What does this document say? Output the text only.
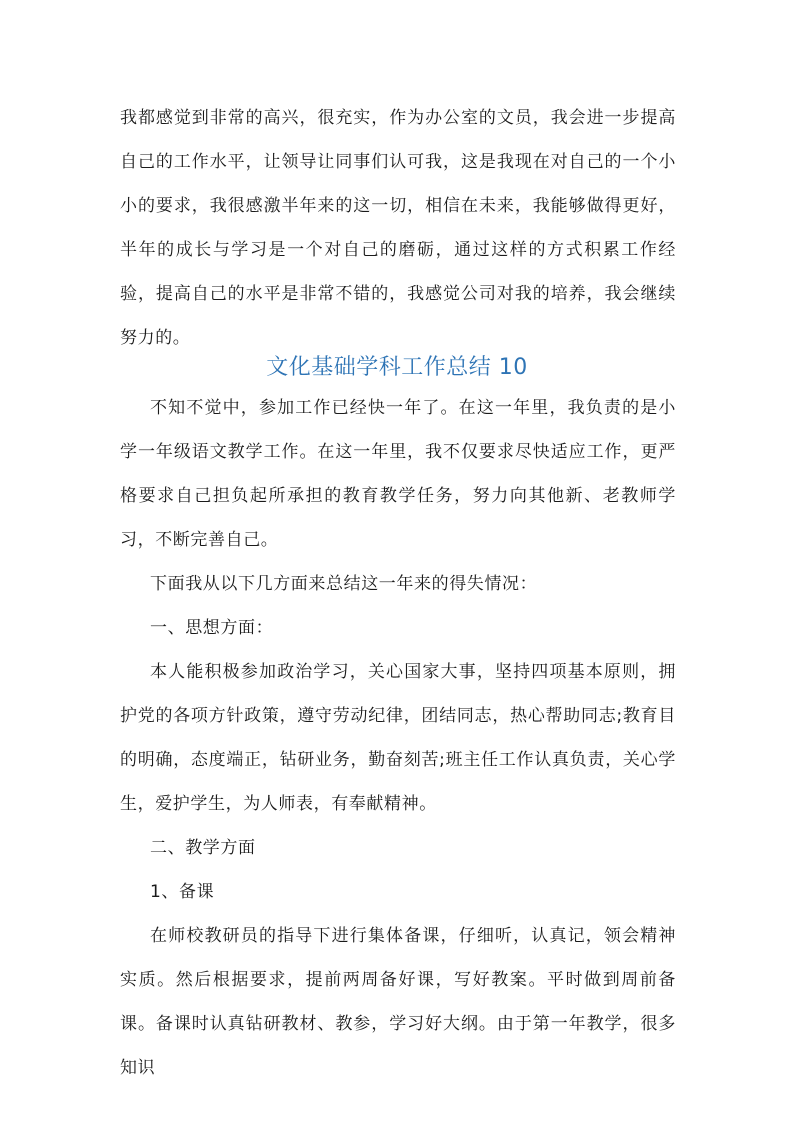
我都感觉到非常的高兴，很充实，作为办公室的文员，我会进一步提高自己的工作水平，让领导让同事们认可我，这是我现在对自己的一个小小的要求，我很感激半年来的这一切，相信在未来，我能够做得更好，半年的成长与学习是一个对自己的磨砺，通过这样的方式积累工作经验，提高自己的水平是非常不错的，我感觉公司对我的培养，我会继续努力的。

文化基础学科工作总结 10

不知不觉中，参加工作已经快一年了。在这一年里，我负责的是小学一年级语文教学工作。在这一年里，我不仅要求尽快适应工作，更严格要求自己担负起所承担的教育教学任务，努力向其他新、老教师学习，不断完善自己。

下面我从以下几方面来总结这一年来的得失情况：

一、思想方面：

本人能积极参加政治学习，关心国家大事，坚持四项基本原则，拥护党的各项方针政策，遵守劳动纪律，团结同志，热心帮助同志;教育目的明确，态度端正，钻研业务，勤奋刻苦;班主任工作认真负责，关心学生，爱护学生，为人师表，有奉献精神。

二、教学方面

1、备课

在师校教研员的指导下进行集体备课，仔细听，认真记，领会精神实质。然后根据要求，提前两周备好课，写好教案。平时做到周前备课。备课时认真钻研教材、教参，学习好大纲。由于第一年教学，很多知识
